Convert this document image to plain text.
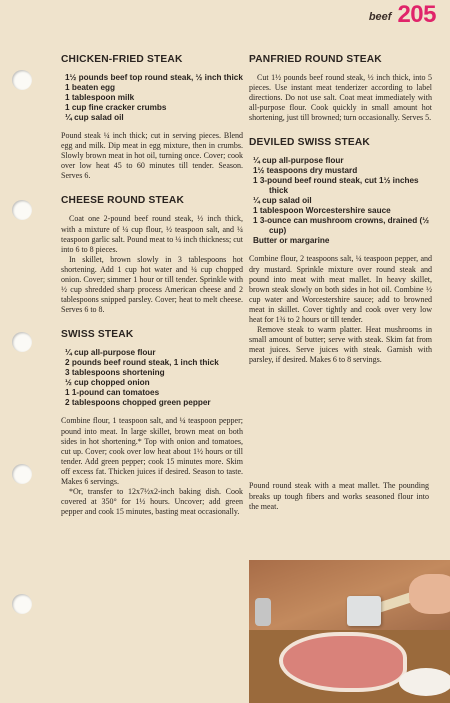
beef 205
CHICKEN-FRIED STEAK
1½ pounds beef top round steak, ½ inch thick
1 beaten egg
1 tablespoon milk
1 cup fine cracker crumbs
¼ cup salad oil

Pound steak ¼ inch thick; cut in serving pieces. Blend egg and milk. Dip meat in egg mixture, then in crumbs. Slowly brown meat in hot oil, turning once. Cover; cook over low heat 45 to 60 minutes till tender. Season. Serves 6.

CHEESE ROUND STEAK

Coat one 2-pound beef round steak, ½ inch thick, with a mixture of ¼ cup flour, ½ teaspoon salt, and ¼ teaspoon garlic salt. Pound meat to ¼ inch thickness; cut into 6 to 8 pieces.

In skillet, brown slowly in 3 tablespoons hot shortening. Add 1 cup hot water and ¼ cup chopped onion. Cover; simmer 1 hour or till tender. Sprinkle with ½ cup shredded sharp process American cheese and 2 tablespoons snipped parsley. Cover; heat to melt cheese. Serves 6 to 8.

SWISS STEAK
¼ cup all-purpose flour
2 pounds beef round steak, 1 inch thick
3 tablespoons shortening
½ cup chopped onion
1 1-pound can tomatoes
2 tablespoons chopped green pepper

Combine flour, 1 teaspoon salt, and ¼ teaspoon pepper; pound into meat. In large skillet, brown meat on both sides in hot shortening.* Top with onion and tomatoes, cut up. Cover; cook over low heat about 1½ hours or till tender. Add green pepper; cook 15 minutes more. Skim off excess fat. Thicken juices if desired. Season to taste. Makes 6 servings.

*Or, transfer to 12x7½x2-inch baking dish. Cook covered at 350° for 1½ hours. Uncover; add green pepper and cook 15 minutes, basting meat occasionally.

PANFRIED ROUND STEAK

Cut 1½ pounds beef round steak, ½ inch thick, into 5 pieces. Use instant meat tenderizer according to label directions. Do not use salt. Coat meat immediately with all-purpose flour. Cook quickly in small amount hot shortening, just till browned; turn occasionally. Serves 5.

DEVILED SWISS STEAK
¼ cup all-purpose flour
1½ teaspoons dry mustard
1 3-pound beef round steak, cut 1½ inches thick
¼ cup salad oil
1 tablespoon Worcestershire sauce
1 3-ounce can mushroom crowns, drained (½ cup)
Butter or margarine

Combine flour, 2 teaspoons salt, ¼ teaspoon pepper, and dry mustard. Sprinkle mixture over round steak and pound into meat with meat mallet. In heavy skillet, brown steak slowly on both sides in hot oil. Combine ½ cup water and Worcestershire sauce; add to browned meat in skillet. Cover tightly and cook over very low heat for 1¾ to 2 hours or till tender.

Remove steak to warm platter. Heat mushrooms in small amount of butter; serve with steak. Skim fat from meat juices. Serve juices with steak. Garnish with parsley, if desired. Makes 6 to 8 servings.

Pound round steak with a meat mallet. The pounding breaks up tough fibers and works seasoned flour into the meat.
